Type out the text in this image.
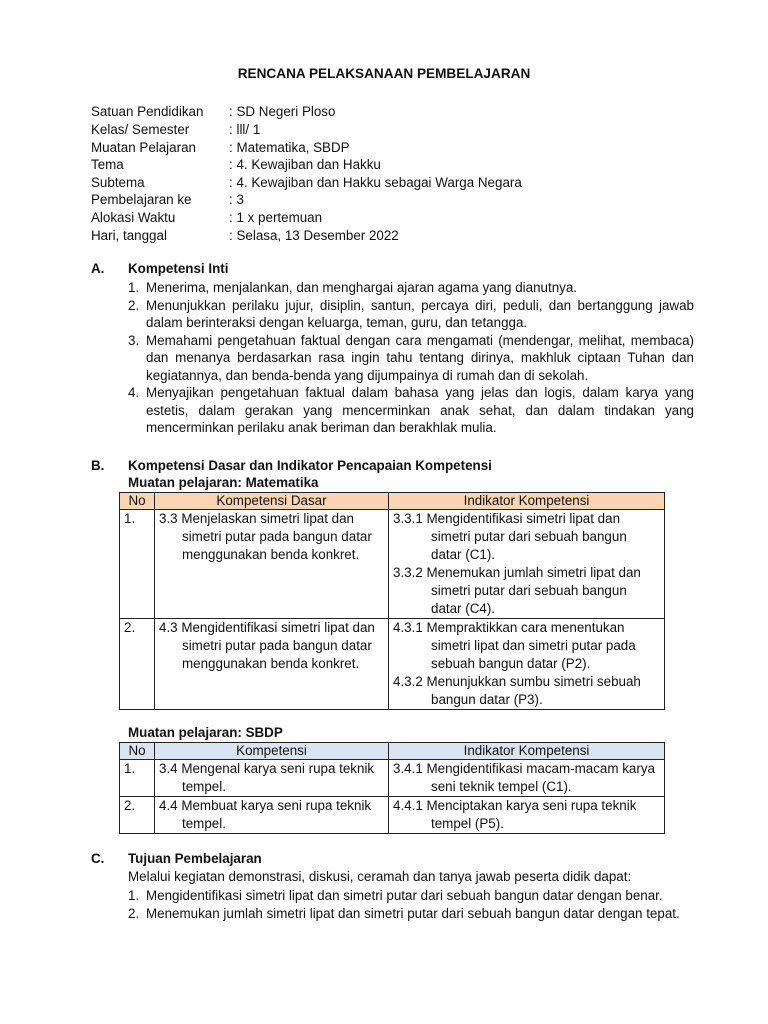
RENCANA PELAKSANAAN PEMBELAJARAN
Satuan Pendidikan	: SD Negeri Ploso
Kelas/ Semester	: lll/ 1
Muatan Pelajaran	: Matematika, SBDP
Tema	: 4. Kewajiban dan Hakku
Subtema	: 4. Kewajiban dan Hakku sebagai Warga Negara
Pembelajaran ke	: 3
Alokasi Waktu	: 1 x pertemuan
Hari, tanggal	: Selasa, 13 Desember 2022
A. Kompetensi Inti
1. Menerima, menjalankan, dan menghargai ajaran agama yang dianutnya.
2. Menunjukkan perilaku jujur, disiplin, santun, percaya diri, peduli, dan bertanggung jawab dalam berinteraksi dengan keluarga, teman, guru, dan tetangga.
3. Memahami pengetahuan faktual dengan cara mengamati (mendengar, melihat, membaca) dan menanya berdasarkan rasa ingin tahu tentang dirinya, makhluk ciptaan Tuhan dan kegiatannya, dan benda-benda yang dijumpainya di rumah dan di sekolah.
4. Menyajikan pengetahuan faktual dalam bahasa yang jelas dan logis, dalam karya yang estetis, dalam gerakan yang mencerminkan anak sehat, dan dalam tindakan yang mencerminkan perilaku anak beriman dan berakhlak mulia.
B. Kompetensi Dasar dan Indikator Pencapaian Kompetensi
Muatan pelajaran: Matematika
No	Kompetensi Dasar	Indikator Kompetensi
1.	3.3 Menjelaskan simetri lipat dan simetri putar pada bangun datar menggunakan benda konkret.	3.3.1 Mengidentifikasi simetri lipat dan simetri putar dari sebuah bangun datar (C1).
3.3.2 Menemukan jumlah simetri lipat dan simetri putar dari sebuah bangun datar (C4).

2.	4.3 Mengidentifikasi simetri lipat dan simetri putar pada bangun datar menggunakan benda konkret.	4.3.1 Mempraktikkan cara menentukan simetri lipat dan simetri putar pada sebuah bangun datar (P2).
4.3.2 Menunjukkan sumbu simetri sebuah bangun datar (P3).
Muatan pelajaran: SBDP
No	Kompetensi	Indikator Kompetensi
1.	3.4 Mengenal karya seni rupa teknik tempel.	3.4.1 Mengidentifikasi macam-macam karya seni teknik tempel (C1).

2.	4.4 Membuat karya seni rupa teknik tempel.	4.4.1 Menciptakan karya seni rupa teknik tempel (P5).
C. Tujuan Pembelajaran
Melalui kegiatan demonstrasi, diskusi, ceramah dan tanya jawab peserta didik dapat:
1. Mengidentifikasi simetri lipat dan simetri putar dari sebuah bangun datar dengan benar.
2. Menemukan jumlah simetri lipat dan simetri putar dari sebuah bangun datar dengan tepat.
